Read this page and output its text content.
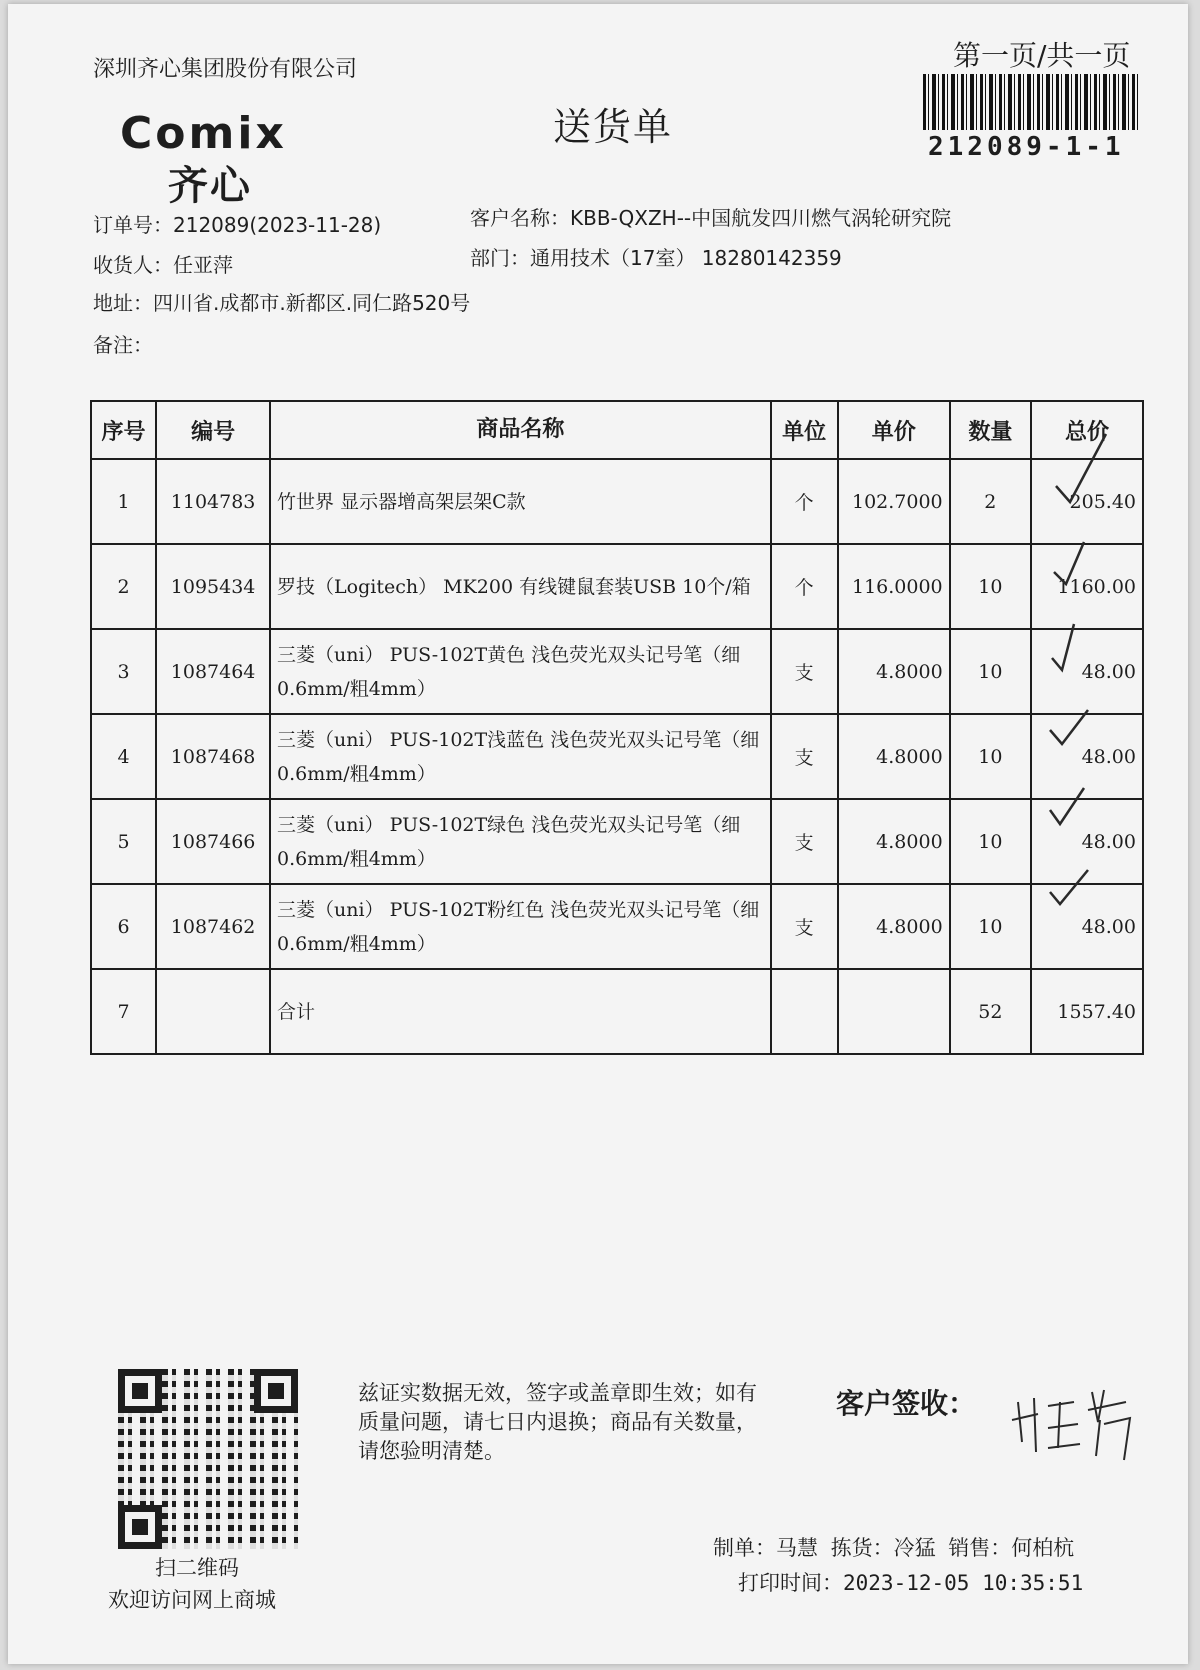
深圳齐心集团股份有限公司
Comix
齐心
送货单
第一页/共一页
212089-1-1
订单号：212089(2023-11-28)	客户名称：KBB-QXZH--中国航发四川燃气涡轮研究院
收货人：任亚萍	部门：通用技术（17室） 18280142359
地址：四川省.成都市.新都区.同仁路520号
备注：
序号	编号	商品名称	单位	单价	数量	总价
1	1104783	竹世界 显示器增高架层架C款	个	102.7000	2	205.40
2	1095434	罗技（Logitech） MK200 有线键鼠套装USB 10个/箱	个	116.0000	10	1160.00
3	1087464	三菱（uni） PUS-102T黄色 浅色荧光双头记号笔（细0.6mm/粗4mm）	支	4.8000	10	48.00
4	1087468	三菱（uni） PUS-102T浅蓝色 浅色荧光双头记号笔（细0.6mm/粗4mm）	支	4.8000	10	48.00
5	1087466	三菱（uni） PUS-102T绿色 浅色荧光双头记号笔（细0.6mm/粗4mm）	支	4.8000	10	48.00
6	1087462	三菱（uni） PUS-102T粉红色 浅色荧光双头记号笔（细0.6mm/粗4mm）	支	4.8000	10	48.00
7		合计			52	1557.40
扫二维码
欢迎访问网上商城
兹证实数据无效，签字或盖章即生效；如有质量问题，请七日内退换；商品有关数量，请您验明清楚。
客户签收：
制单：马慧 拣货：冷猛 销售：何柏杭
打印时间：2023-12-05 10:35:51
